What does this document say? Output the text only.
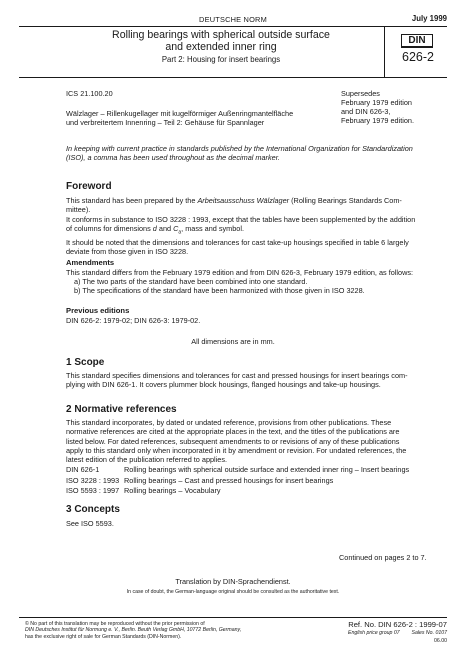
DEUTSCHE NORM	July 1999
Rolling bearings with spherical outside surface
and extended inner ring
Part 2: Housing for insert bearings
DIN
626-2
ICS 21.100.20	Supersedes
February 1979 edition
and DIN 626-3,
February 1979 edition.
Wälzlager – Rillenkugellager mit kugelförmiger Außenringmantelfläche
und verbreitertem Innenring – Teil 2: Gehäuse für Spannlager
In keeping with current practice in standards published by the International Organization for Standardization
(ISO), a comma has been used throughout as the decimal marker.
Foreword
This standard has been prepared by the Arbeitsausschuss Wälzlager (Rolling Bearings Standards Com-
mittee).
It conforms in substance to ISO 3228 : 1993, except that the tables have been supplemented by the addition
of columns for dimensions d and $C_a$, mass and symbol.
It should be noted that the dimensions and tolerances for cast take-up housings specified in table 6 largely
deviate from those given in ISO 3228.
Amendments
This standard differs from the February 1979 edition and from DIN 626-3, February 1979 edition, as follows:
a) The two parts of the standard have been combined into one standard.
b) The specifications of the standard have been harmonized with those given in ISO 3228.
Previous editions
DIN 626-2: 1979-02; DIN 626-3: 1979-02.
All dimensions are in mm.
1 Scope
This standard specifies dimensions and tolerances for cast and pressed housings for insert bearings com-
plying with DIN 626-1. It covers plummer block housings, flanged housings and take-up housings.
2 Normative references
This standard incorporates, by dated or undated reference, provisions from other publications. These
normative references are cited at the appropriate places in the text, and the titles of the publications are
listed below. For dated references, subsequent amendments to or revisions of any of these publications
apply to this standard only when incorporated in it by amendment or revision. For undated references, the
latest edition of the publication referred to applies.
DIN 626-1	Rolling bearings with spherical outside surface and extended inner ring – Insert bearings
ISO 3228 : 1993 Rolling bearings – Cast and pressed housings for insert bearings
ISO 5593 : 1997 Rolling bearings – Vocabulary
3 Concepts
See ISO 5593.
Continued on pages 2 to 7.
Translation by DIN-Sprachendienst.
In case of doubt, the German-language original should be consulted as the authoritative text.
© No part of this translation may be reproduced without the prior permission of
DIN Deutsches Institut für Normung e. V., Berlin. Beuth Verlag GmbH, 10772 Berlin, Germany,
has the exclusive right of sale for German Standards (DIN-Normen).
Ref. No. DIN 626-2 : 1999-07
English price group 07 Sales No. 0107
06.00
